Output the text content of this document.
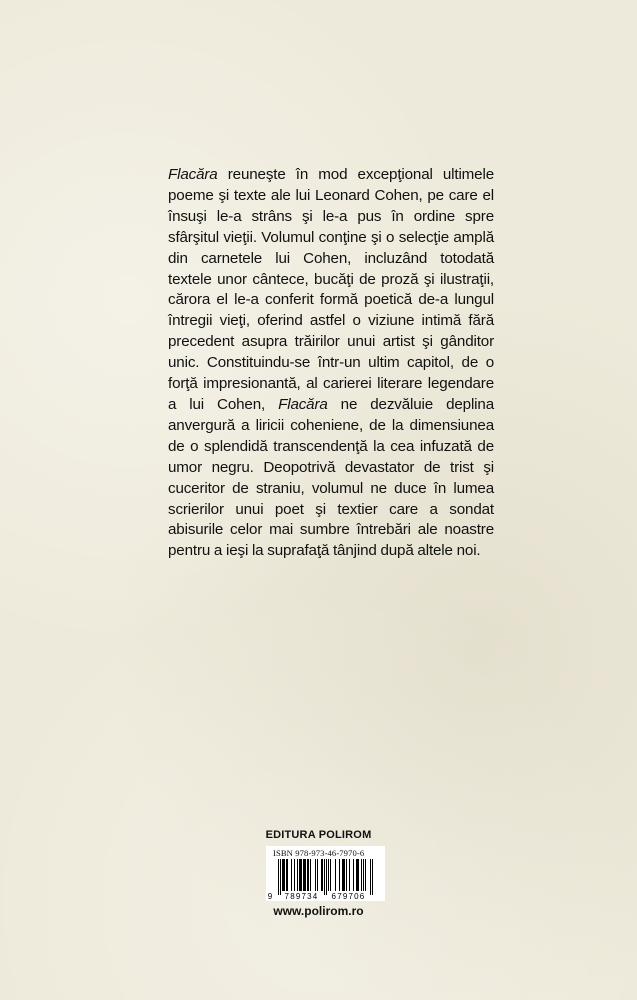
Flacăra reuneşte în mod excepţional ultimele poeme şi texte ale lui Leonard Cohen, pe care el însuşi le-a strâns şi le-a pus în ordine spre sfârşitul vieţii. Volumul conţine şi o selecţie amplă din carnetele lui Cohen, incluzând totodată textele unor cântece, bucăţi de proză şi ilustraţii, cărora el le-a conferit formă poetică de-a lungul întregii vieţi, oferind astfel o viziune intimă fără precedent asupra trăirilor unui artist şi gânditor unic. Constituindu-se într-un ultim capitol, de o forţă impresionantă, al carierei literare legendare a lui Cohen, Flacăra ne dezvăluie deplina anvergură a liricii coheniene, de la dimensiunea de o splendidă transcendenţă la cea infuzată de umor negru. Deopotrivă devastator de trist şi cuceritor de straniu, volumul ne duce în lumea scrierilor unui poet şi textier care a sondat abisurile celor mai sumbre întrebări ale noastre pentru a ieşi la suprafaţă tânjind după altele noi.

EDITURA POLIROM
ISBN 978-973-46-7970-6
9 789734 679706
www.polirom.ro
